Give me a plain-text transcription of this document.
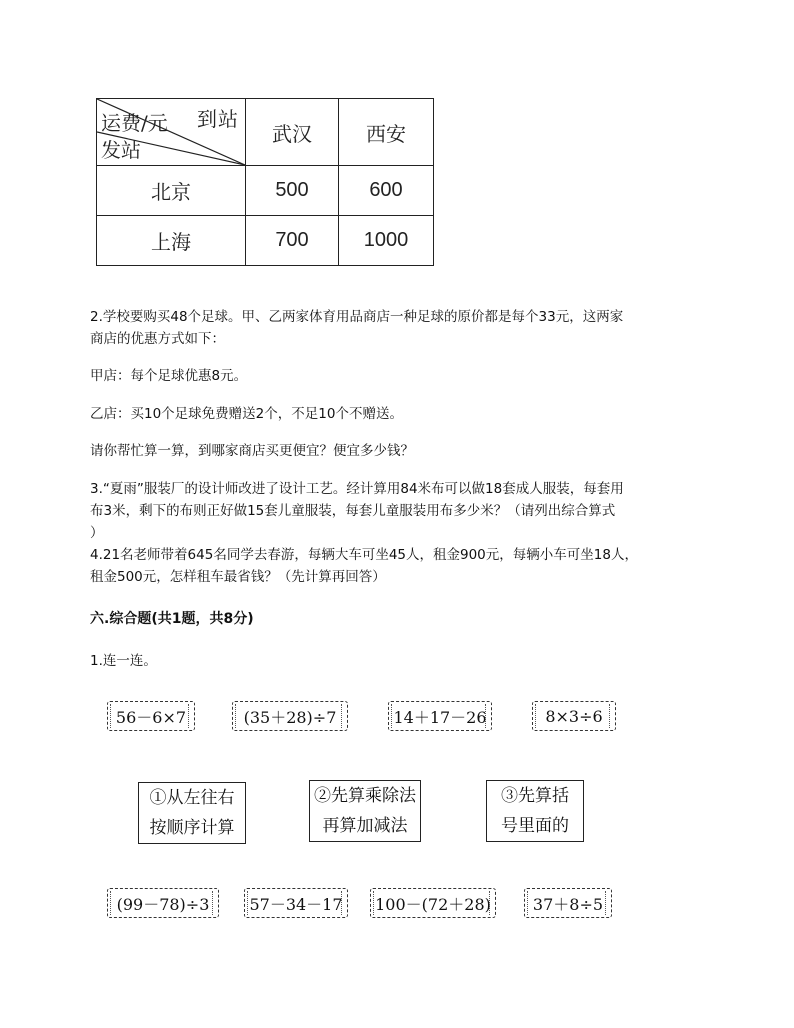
到站
运费/元
发站	武汉	西安
北京	500	600
上海	700	1000
2.学校要购买48个足球。甲、乙两家体育用品商店一种足球的原价都是每个33元，这两家
商店的优惠方式如下：
甲店：每个足球优惠8元。
乙店：买10个足球免费赠送2个，不足10个不赠送。
请你帮忙算一算，到哪家商店买更便宜？便宜多少钱？
3.“夏雨”服装厂的设计师改进了设计工艺。经计算用84米布可以做18套成人服装，每套用
布3米，剩下的布则正好做15套儿童服装，每套儿童服装用布多少米？（请列出综合算式
）
4.21名老师带着645名同学去春游，每辆大车可坐45人，租金900元，每辆小车可坐18人，
租金500元，怎样租车最省钱？（先计算再回答）
六.综合题(共1题，共8分)
1.连一连。
56－6×7	(35＋28)÷7	14＋17－26	8×3÷6
①从左往右
按顺序计算
②先算乘除法
再算加减法
③先算括
号里面的
(99－78)÷3	57－34－17	100－(72＋28)	37＋8÷5
